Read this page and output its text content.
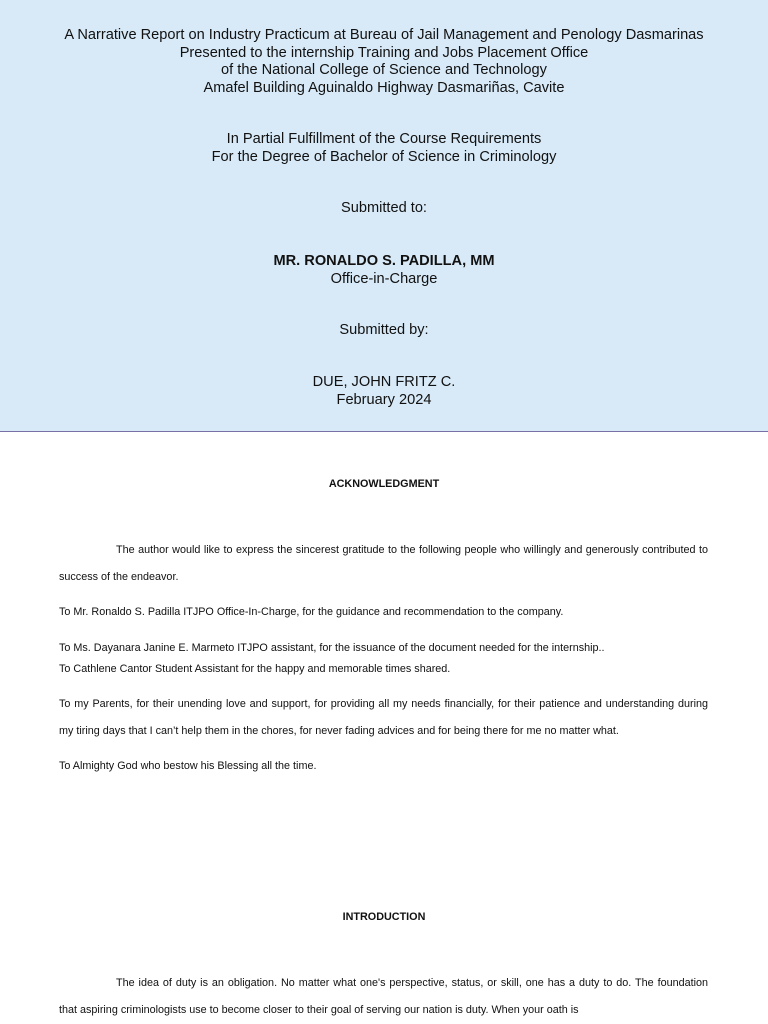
A Narrative Report on Industry Practicum at Bureau of Jail Management and Penology Dasmarinas
Presented to the internship Training and Jobs Placement Office
of the National College of Science and Technology
Amafel Building Aguinaldo Highway Dasmariñas, Cavite
In Partial Fulfillment of the Course Requirements
For the Degree of Bachelor of Science in Criminology
Submitted to:
MR. RONALDO S. PADILLA, MM
Office-in-Charge
Submitted by:
DUE, JOHN FRITZ C.
February 2024
ACKNOWLEDGMENT
The author would like to express the sincerest gratitude to the following people who willingly and generously contributed to success of the endeavor.
To Mr. Ronaldo S. Padilla ITJPO Office-In-Charge, for the guidance and recommendation to the company.
To Ms. Dayanara Janine E. Marmeto ITJPO assistant, for the issuance of the document needed for the internship..
To Cathlene Cantor Student Assistant for the happy and memorable times shared.
To my Parents, for their unending love and support, for providing all my needs financially, for their patience and understanding during my tiring days that I can’t help them in the chores, for never fading advices and for being there for me no matter what.
To Almighty God who bestow his Blessing all the time.
INTRODUCTION
The idea of duty is an obligation. No matter what one's perspective, status, or skill, one has a duty to do. The foundation that aspiring criminologists use to become closer to their goal of serving our nation is duty. When your oath is
